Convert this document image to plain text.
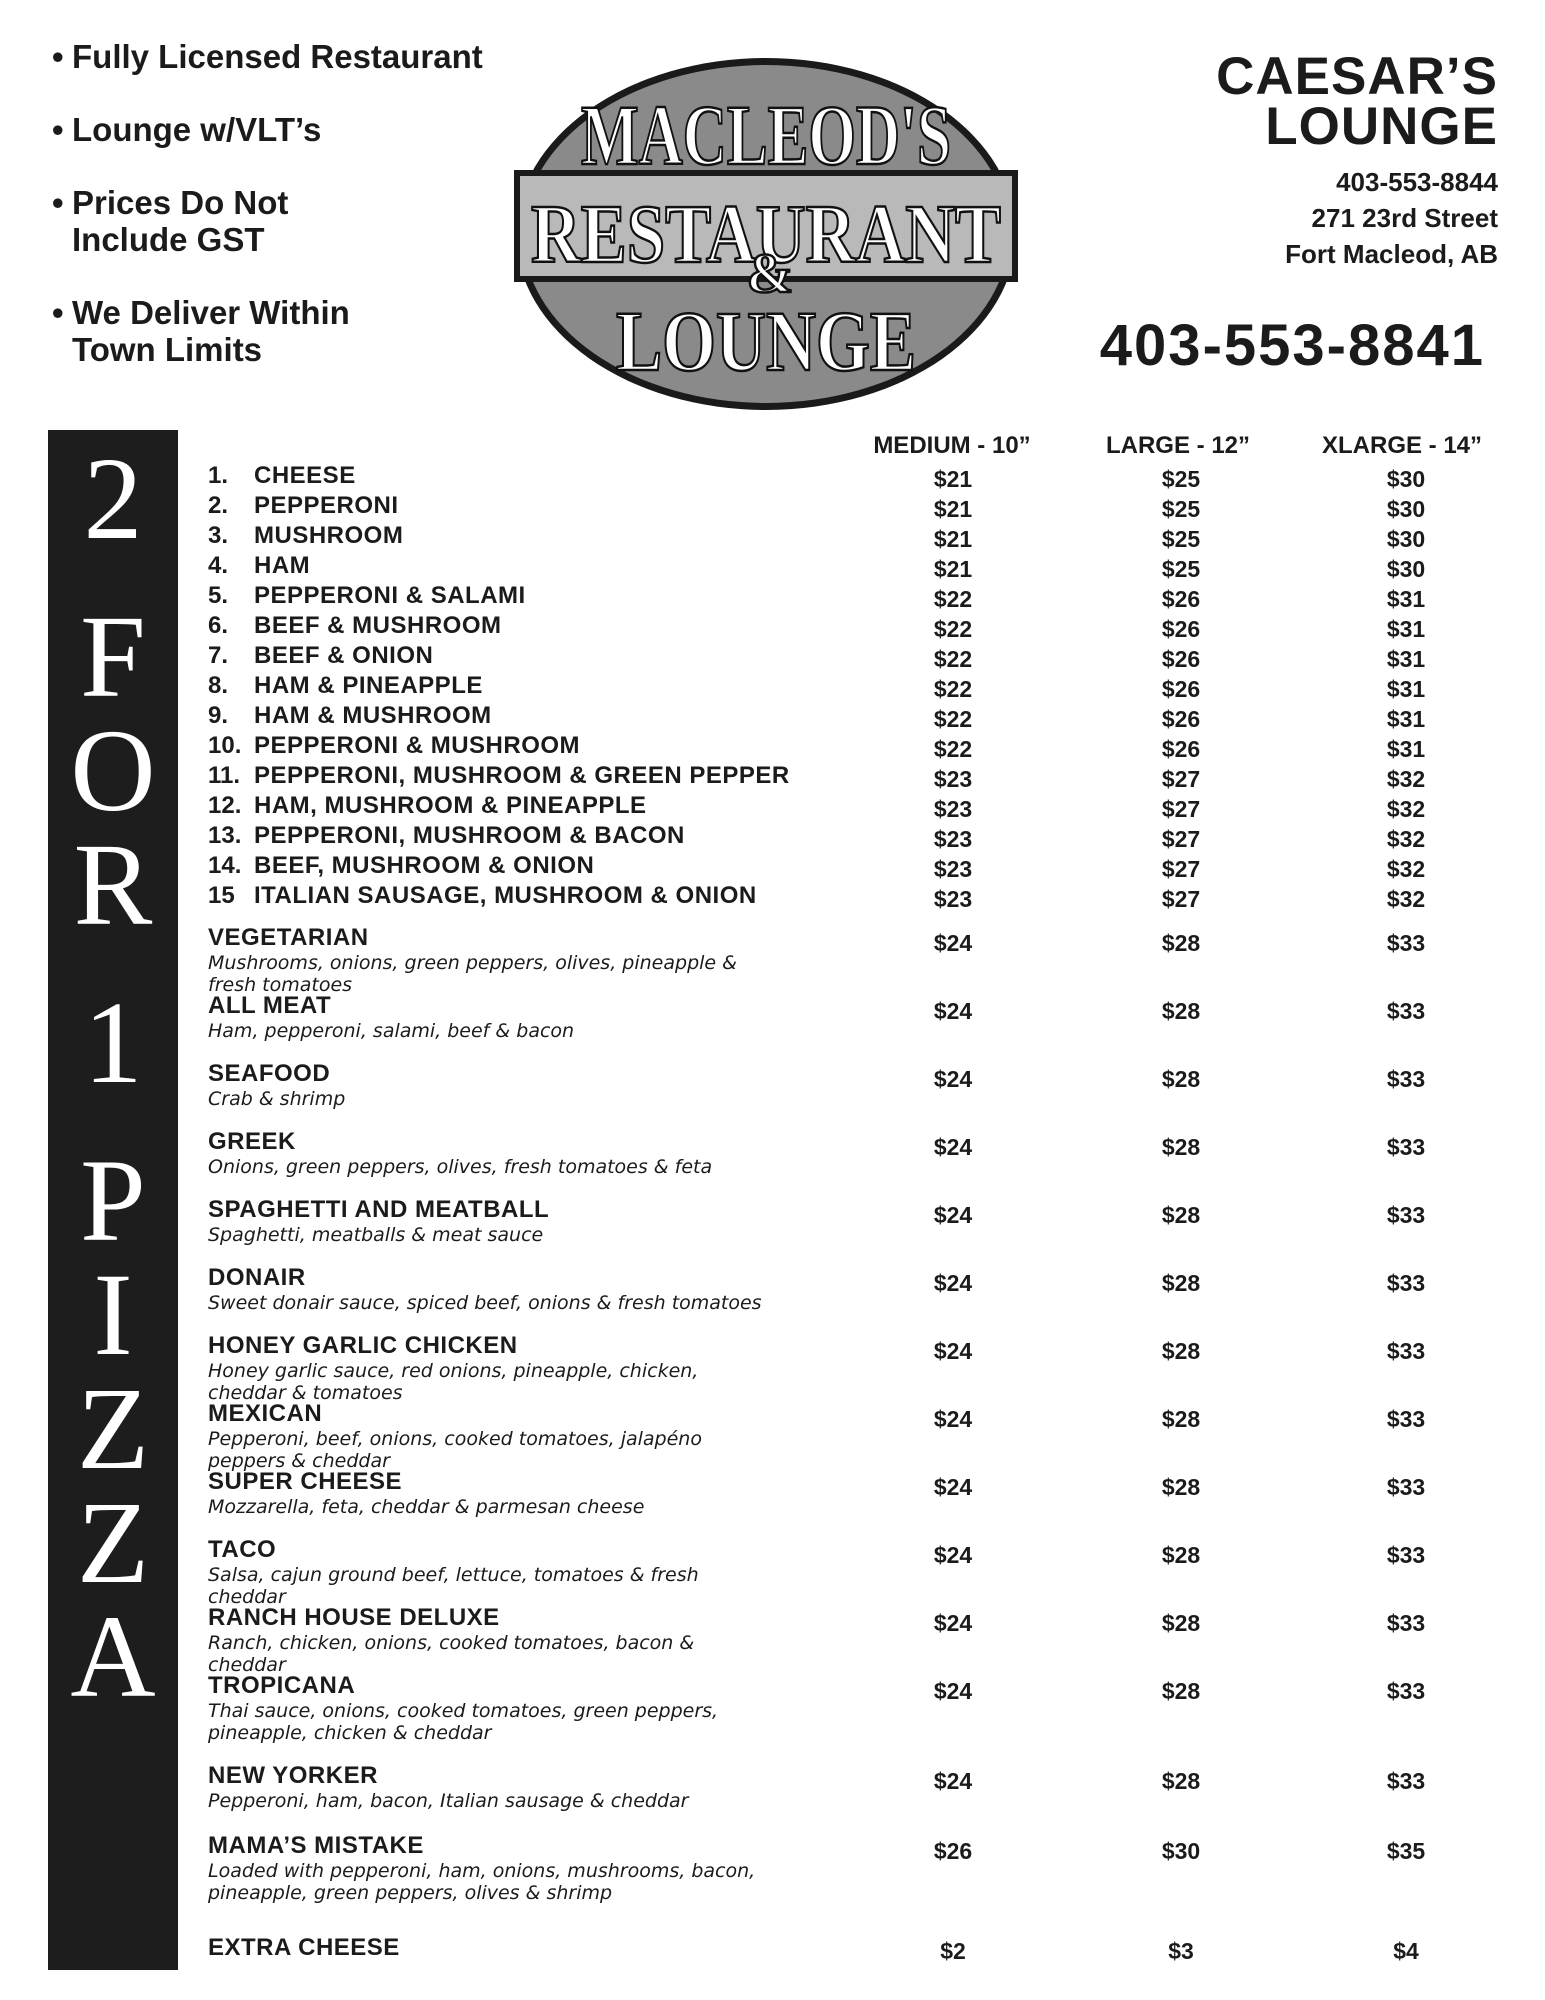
• Fully Licensed Restaurant
• Lounge w/VLT’s
• Prices Do Not
Include GST
• We Deliver Within
Town Limits
MACLEOD'S
RESTAURANT
&
LOUNGE
CAESAR’S
LOUNGE
403-553-8844
271 23rd Street
Fort Macleod, AB
403-553-8841
2
F
O
R
1
P
I
Z
Z
A
MEDIUM - 10”	LARGE - 12”	XLARGE - 14”
1.	CHEESE	$21	$25	$30
2.	PEPPERONI	$21	$25	$30
3.	MUSHROOM	$21	$25	$30
4.	HAM	$21	$25	$30
5.	PEPPERONI & SALAMI	$22	$26	$31
6.	BEEF & MUSHROOM	$22	$26	$31
7.	BEEF & ONION	$22	$26	$31
8.	HAM & PINEAPPLE	$22	$26	$31
9.	HAM & MUSHROOM	$22	$26	$31
10. PEPPERONI & MUSHROOM	$22	$26	$31
11. PEPPERONI, MUSHROOM & GREEN PEPPER	$23	$27	$32
12. HAM, MUSHROOM & PINEAPPLE	$23	$27	$32
13. PEPPERONI, MUSHROOM & BACON	$23	$27	$32
14. BEEF, MUSHROOM & ONION	$23	$27	$32
15 ITALIAN SAUSAGE, MUSHROOM & ONION	$23	$27	$32
VEGETARIAN
Mushrooms, onions, green peppers, olives, pineapple & fresh tomatoes
$24	$28	$33
ALL MEAT
Ham, pepperoni, salami, beef & bacon
$24	$28	$33
SEAFOOD
Crab & shrimp
$24	$28	$33
GREEK
Onions, green peppers, olives, fresh tomatoes & feta
$24	$28	$33
SPAGHETTI AND MEATBALL
Spaghetti, meatballs & meat sauce
$24	$28	$33
DONAIR
Sweet donair sauce, spiced beef, onions & fresh tomatoes
$24	$28	$33
HONEY GARLIC CHICKEN
Honey garlic sauce, red onions, pineapple, chicken, cheddar & tomatoes
$24	$28	$33
MEXICAN
Pepperoni, beef, onions, cooked tomatoes, jalapéno peppers & cheddar
$24	$28	$33
SUPER CHEESE
Mozzarella, feta, cheddar & parmesan cheese
$24	$28	$33
TACO
Salsa, cajun ground beef, lettuce, tomatoes & fresh cheddar
$24	$28	$33
RANCH HOUSE DELUXE
Ranch, chicken, onions, cooked tomatoes, bacon & cheddar
$24	$28	$33
TROPICANA
Thai sauce, onions, cooked tomatoes, green peppers, pineapple, chicken & cheddar
$24	$28	$33
NEW YORKER
Pepperoni, ham, bacon, Italian sausage & cheddar
$24	$28	$33
MAMA’S MISTAKE
Loaded with pepperoni, ham, onions, mushrooms, bacon, pineapple, green peppers, olives & shrimp
$26	$30	$35
EXTRA CHEESE	$2	$3	$4
